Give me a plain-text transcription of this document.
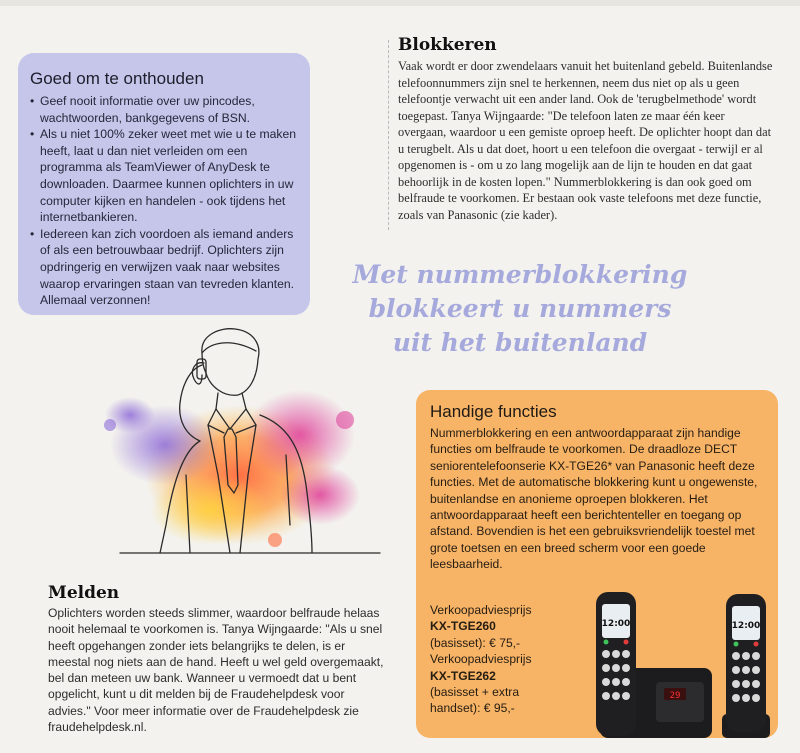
Goed om te onthouden
• Geef nooit informatie over uw pincodes, wachtwoorden, bankgegevens of BSN.
• Als u niet 100% zeker weet met wie u te maken heeft, laat u dan niet verleiden om een programma als TeamViewer of AnyDesk te downloaden. Daarmee kunnen oplichters in uw computer kijken en handelen - ook tijdens het internetbankieren.
• Iedereen kan zich voordoen als iemand anders of als een betrouwbaar bedrijf. Oplichters zijn opdringerig en verwijzen vaak naar websites waarop ervaringen staan van tevreden klanten. Allemaal verzonnen!
Blokkeren

Vaak wordt er door zwendelaars vanuit het buitenland gebeld. Buitenlandse telefoonnummers zijn snel te herkennen, neem dus niet op als u geen telefoontje verwacht uit een ander land. Ook de 'terugbelmethode' wordt toegepast. Tanya Wijngaarde: "De telefoon laten ze maar één keer overgaan, waardoor u een gemiste oproep heeft. De oplichter hoopt dan dat u terugbelt. Als u dat doet, hoort u een telefoon die overgaat - terwijl er al opgenomen is - om u zo lang mogelijk aan de lijn te houden en dat gaat behoorlijk in de kosten lopen." Nummerblokkering is dan ook goed om belfraude te voorkomen. Er bestaan ook vaste telefoons met deze functie, zoals van Panasonic (zie kader).

Met nummerblokkering
blokkeert u nummers
uit het buitenland
Melden

Oplichters worden steeds slimmer, waardoor belfraude helaas nooit helemaal te voorkomen is. Tanya Wijngaarde: "Als u snel heeft opgehangen zonder iets belangrijks te delen, is er meestal nog niets aan de hand. Heeft u wel geld overgemaakt, bel dan meteen uw bank. Wanneer u vermoedt dat u bent opgelicht, kunt u dit melden bij de Fraudehelpdesk voor advies." Voor meer informatie over de Fraudehelpdesk zie fraudehelpdesk.nl.

Handige functies
Nummerblokkering en een antwoordapparaat zijn handige functies om belfraude te voorkomen. De draadloze DECT seniorentelefoonserie KX-TGE26* van Panasonic heeft deze functies. Met de automatische blokkering kunt u ongewenste, buitenlandse en anonieme oproepen blokkeren. Het antwoordapparaat heeft een berichtenteller en toegang op afstand. Bovendien is het een gebruiksvriendelijk toestel met grote toetsen en een breed scherm voor een goede leesbaarheid.
Verkoopadviesprijs
KX-TGE260
(basisset): € 75,-
Verkoopadviesprijs
KX-TGE262
(basisset + extra
handset): € 95,-
29
12:00	12:00
